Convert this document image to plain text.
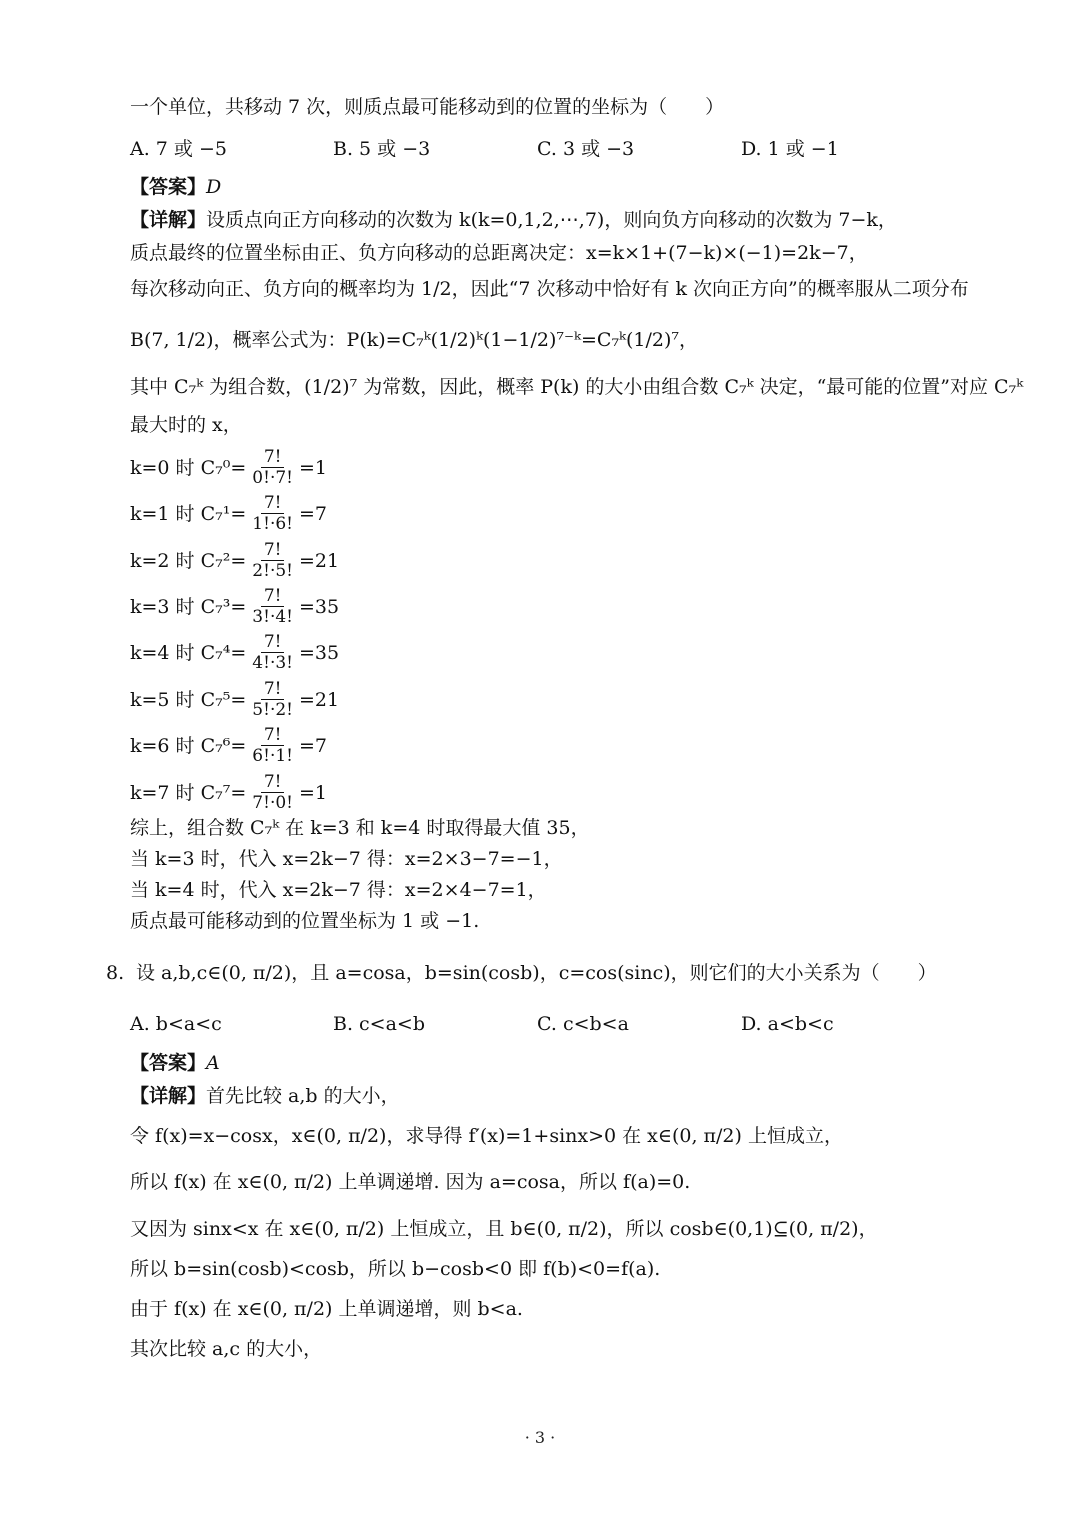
一个单位，共移动 7 次，则质点最可能移动到的位置的坐标为（　　）
A. 7 或 −5	B. 5 或 −3	C. 3 或 −3	D. 1 或 −1
【答案】 D
【详解】 设质点向正方向移动的次数为 k(k=0,1,2,⋯,7)，则向负方向移动的次数为 7−k，
质点最终的位置坐标由正、负方向移动的总距离决定：x=k×1+(7−k)×(−1)=2k−7，
每次移动向正、负方向的概率均为 1/2，因此“7 次移动中恰好有 k 次向正方向”的概率服从二项分布
B(7, 1/2)，概率公式为：P(k)=C₇ᵏ(1/2)ᵏ(1−1/2)⁷⁻ᵏ=C₇ᵏ(1/2)⁷，
其中 C₇ᵏ 为组合数，(1/2)⁷ 为常数，因此，概率 P(k) 的大小由组合数 C₇ᵏ 决定，“最可能的位置”对应 C₇ᵏ
最大时的 x，
k=0 时 $C_7^0= \frac{7!}{0!\cdot 7!} =1$
k=1 时 $C_7^1= \frac{7!}{1!\cdot 6!} =7$
k=2 时 $C_7^2= \frac{7!}{2!\cdot 5!} =21$
k=3 时 $C_7^3= \frac{7!}{3!\cdot 4!} =35$
k=4 时 $C_7^4= \frac{7!}{4!\cdot 3!} =35$
k=5 时 $C_7^5= \frac{7!}{5!\cdot 2!} =21$
k=6 时 $C_7^6= \frac{7!}{6!\cdot 1!} =7$
k=7 时 $C_7^7= \frac{7!}{7!\cdot 0!} =1$
综上，组合数 C₇ᵏ 在 k=3 和 k=4 时取得最大值 35，
当 k=3 时，代入 x=2k−7 得：x=2×3−7=−1，
当 k=4 时，代入 x=2k−7 得：x=2×4−7=1，
质点最可能移动到的位置坐标为 1 或 −1.
8. 设 a,b,c∈(0, π/2)，且 a=cosa，b=sin(cosb)，c=cos(sinc)，则它们的大小关系为（　　）
A. b<a<c	B. c<a<b	C. c<b<a	D. a<b<c
【答案】 A
【详解】 首先比较 a,b 的大小，
令 f(x)=x−cosx，x∈(0, π/2)，求导得 f′(x)=1+sinx>0 在 x∈(0, π/2) 上恒成立，
所以 f(x) 在 x∈(0, π/2) 上单调递增. 因为 a=cosa，所以 f(a)=0.
又因为 sinx<x 在 x∈(0, π/2) 上恒成立，且 b∈(0, π/2)，所以 cosb∈(0,1)⊆(0, π/2)，
所以 b=sin(cosb)<cosb，所以 b−cosb<0 即 f(b)<0=f(a).
由于 f(x) 在 x∈(0, π/2) 上单调递增，则 b<a.
其次比较 a,c 的大小，
· 3 ·
